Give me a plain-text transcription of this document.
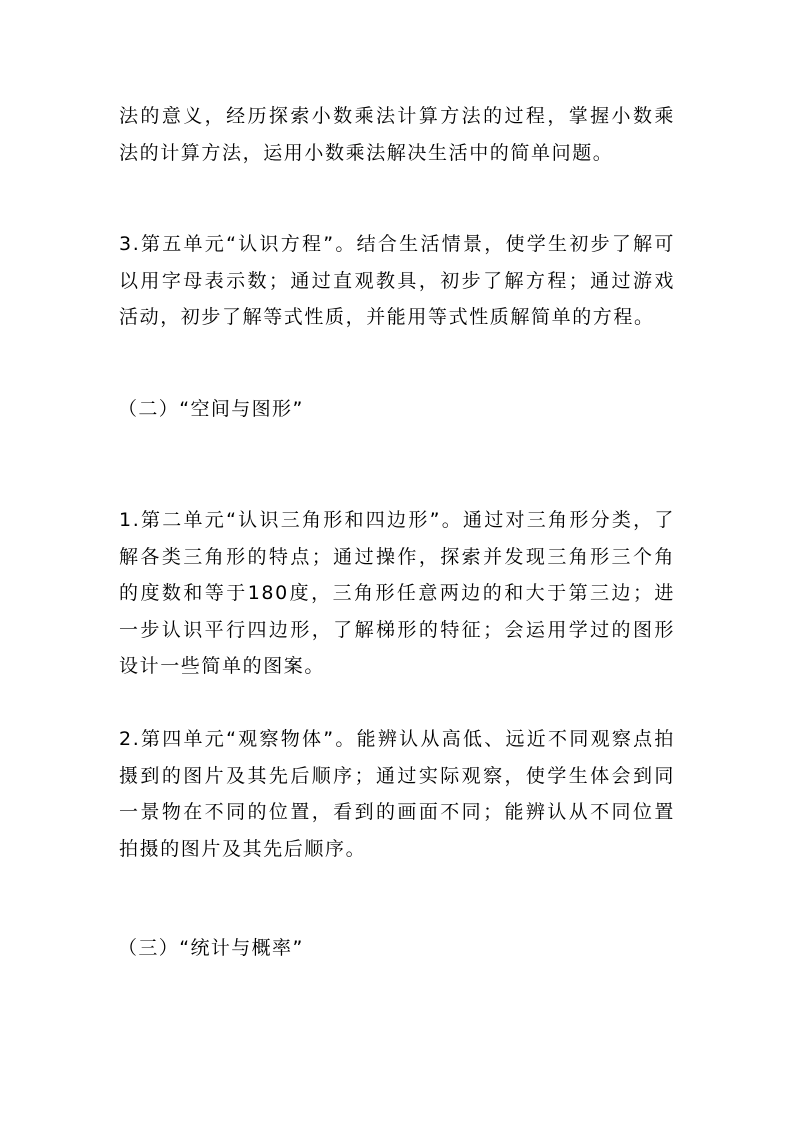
法的意义，经历探索小数乘法计算方法的过程，掌握小数乘法的计算方法，运用小数乘法解决生活中的简单问题。

3.第五单元“认识方程”。结合生活情景，使学生初步了解可以用字母表示数；通过直观教具，初步了解方程；通过游戏活动，初步了解等式性质，并能用等式性质解简单的方程。

（二）“空间与图形”

1.第二单元“认识三角形和四边形”。通过对三角形分类，了解各类三角形的特点；通过操作，探索并发现三角形三个角的度数和等于180度，三角形任意两边的和大于第三边；进一步认识平行四边形，了解梯形的特征；会运用学过的图形设计一些简单的图案。

2.第四单元“观察物体”。能辨认从高低、远近不同观察点拍摄到的图片及其先后顺序；通过实际观察，使学生体会到同一景物在不同的位置，看到的画面不同；能辨认从不同位置拍摄的图片及其先后顺序。

（三）“统计与概率”
